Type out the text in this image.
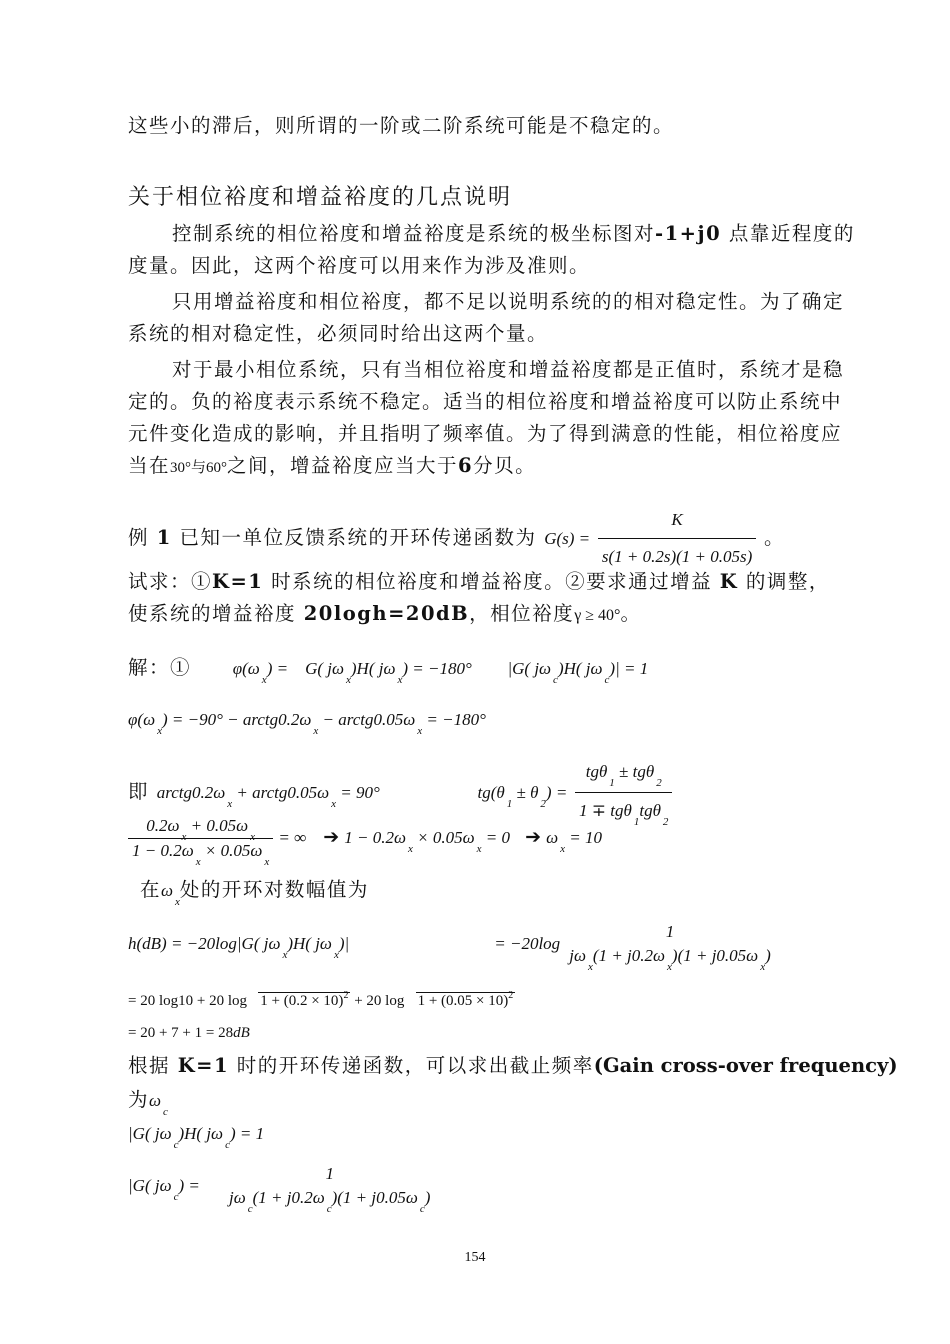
这些小的滞后，则所谓的一阶或二阶系统可能是不稳定的。
关于相位裕度和增益裕度的几点说明
控制系统的相位裕度和增益裕度是系统的极坐标图对-1+j0 点靠近程度的度量。因此，这两个裕度可以用来作为涉及准则。
只用增益裕度和相位裕度，都不足以说明系统的的相对稳定性。为了确定系统的相对稳定性，必须同时给出这两个量。
对于最小相位系统，只有当相位裕度和增益裕度都是正值时，系统才是稳定的。负的裕度表示系统不稳定。适当的相位裕度和增益裕度可以防止系统中元件变化造成的影响，并且指明了频率值。为了得到满意的性能，相位裕度应当在30°与60°之间，增益裕度应当大于6分贝。
例 1 已知一单位反馈系统的开环传递函数为 $G(s) = \frac{K}{s(1 + 0.2s)(1 + 0.05s)}$ 。
试求：①K=1 时系统的相位裕度和增益裕度。②要求通过增益 K 的调整，
使系统的增益裕度 20logh=20dB，相位裕度γ ≥ 40°。
解：① $\varphi(\omega_x)$ =    G( $j\omega_x)H$( $j\omega_x) = -180^\circ$ |G( $j\omega_c)H$( $j\omega_c)| = 1$
$\varphi(\omega_x) = -90^\circ$ − $arctg0.2\omega_x$ − $arctg0.05\omega_x = -180^\circ$
即 $arctg0.2\omega_x$ + $arctg0.05\omega_x = 90^\circ$	$tg(\theta_1 \pm \theta_2) = \frac{tg\theta_1 \pm tg\theta_2}{1 \mp tg\theta_1tg\theta_2}$
$\frac{0.2\omega_x + 0.05\omega_x}{1 - 0.2\omega_x \times 0.05\omega_x}$ = ∞ ➔ $1 - 0.2\omega_x \times 0.05\omega_x = 0$ ➔ $\omega_x = 10$
在$\omega_x$处的开环对数幅值为
h(dB) = −20log|G( $j\omega_x)H$( $j\omega_x)|$	= −20log
1
$j\omega_x(1 + j0.2\omega_x)(1 + j0.05\omega_x)$
= 20 log10 + 20 $\log 1 + (0.2 \times 10)^2 + 20$ $\log 1 + (0.05 \times 10)^2$
= 20 + 7 + 1 = 28dB
根据 K=1 时的开环传递函数，可以求出截止频率(Gain cross-over frequency)
为$\omega_c$
|G( $j\omega_c)H$( $j\omega_c) = 1$
|G( $j\omega_c$) =
1
$j\omega_c(1 + j0.2\omega_c)(1 + j0.05\omega_c)$
154
